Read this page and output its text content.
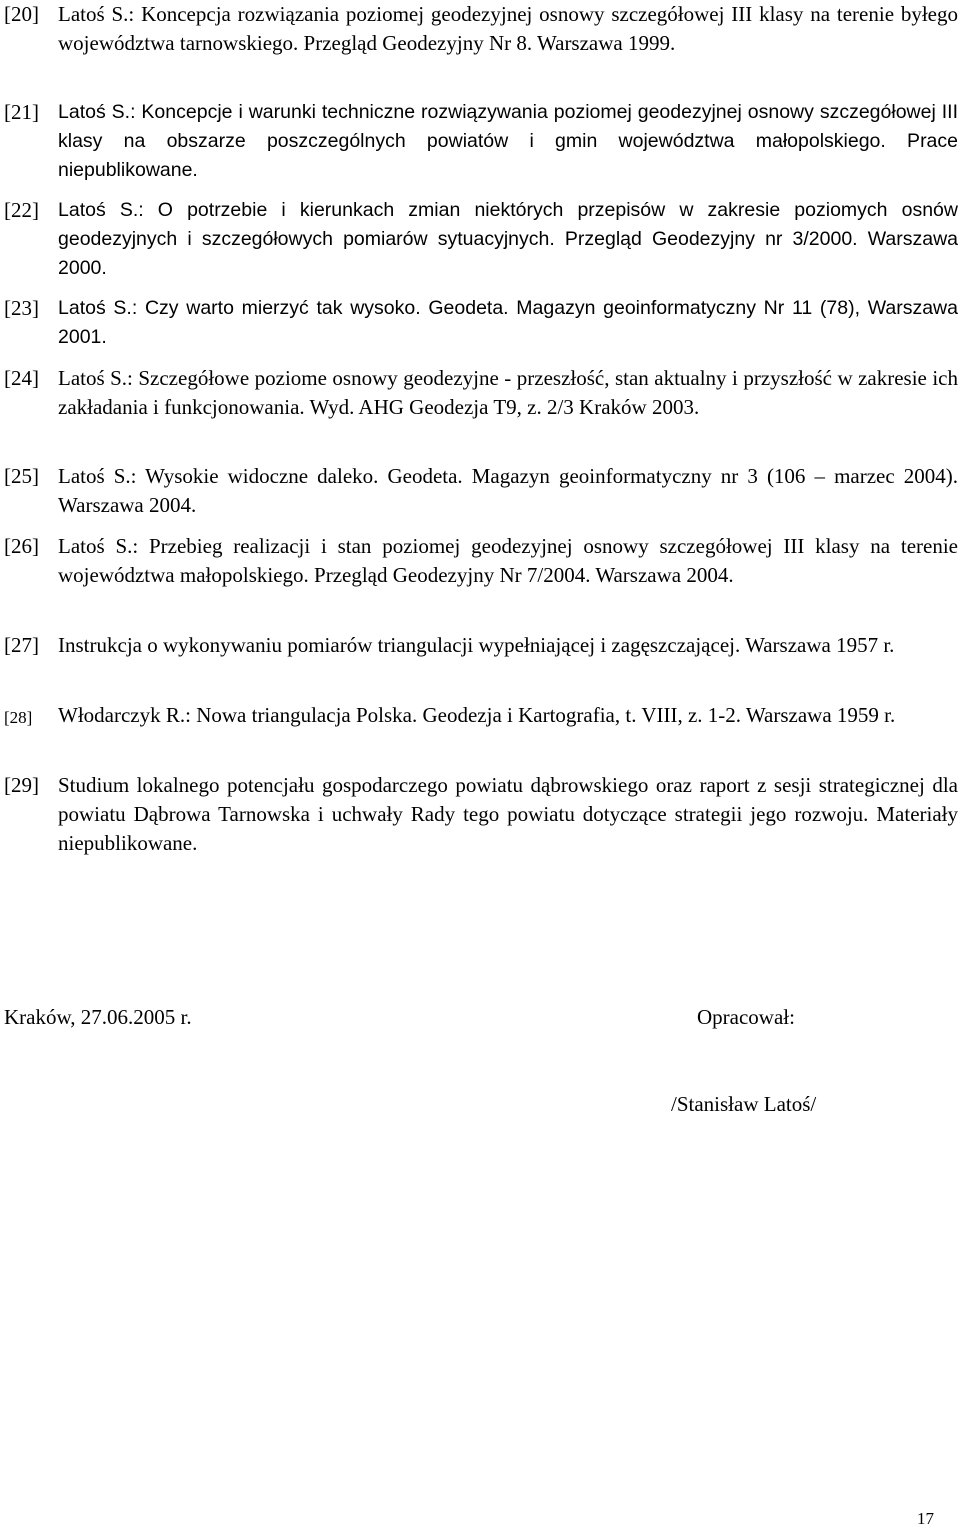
[20] Latoś S.: Koncepcja rozwiązania poziomej geodezyjnej osnowy szczegółowej III klasy na terenie byłego województwa tarnowskiego. Przegląd Geodezyjny Nr 8. Warszawa 1999.
[21] Latoś S.: Koncepcje i warunki techniczne rozwiązywania poziomej geodezyjnej osnowy szczegółowej III klasy na obszarze poszczególnych powiatów i gmin województwa małopolskiego. Prace niepublikowane.
[22] Latoś S.: O potrzebie i kierunkach zmian niektórych przepisów w zakresie poziomych osnów geodezyjnych i szczegółowych pomiarów sytuacyjnych. Przegląd Geodezyjny nr 3/2000. Warszawa 2000.
[23] Latoś S.: Czy warto mierzyć tak wysoko. Geodeta. Magazyn geoinformatyczny Nr 11 (78), Warszawa 2001.
[24] Latoś S.: Szczegółowe poziome osnowy geodezyjne - przeszłość, stan aktualny i przyszłość w zakresie ich zakładania i funkcjonowania. Wyd. AHG Geodezja T9, z. 2/3 Kraków 2003.
[25] Latoś S.: Wysokie widoczne daleko. Geodeta. Magazyn geoinformatyczny nr 3 (106 – marzec 2004). Warszawa 2004.
[26] Latoś S.: Przebieg realizacji i stan poziomej geodezyjnej osnowy szczegółowej III klasy na terenie województwa małopolskiego. Przegląd Geodezyjny Nr 7/2004. Warszawa 2004.
[27] Instrukcja o wykonywaniu pomiarów triangulacji wypełniającej i zagęszczającej. Warszawa 1957 r.
[28] Włodarczyk R.: Nowa triangulacja Polska. Geodezja i Kartografia, t. VIII, z. 1-2. Warszawa 1959 r.
[29] Studium lokalnego potencjału gospodarczego powiatu dąbrowskiego oraz raport z sesji strategicznej dla powiatu Dąbrowa Tarnowska i uchwały Rady tego powiatu dotyczące strategii jego rozwoju. Materiały niepublikowane.
Kraków, 27.06.2005 r.	Opracował:
/Stanisław Latoś/
17
